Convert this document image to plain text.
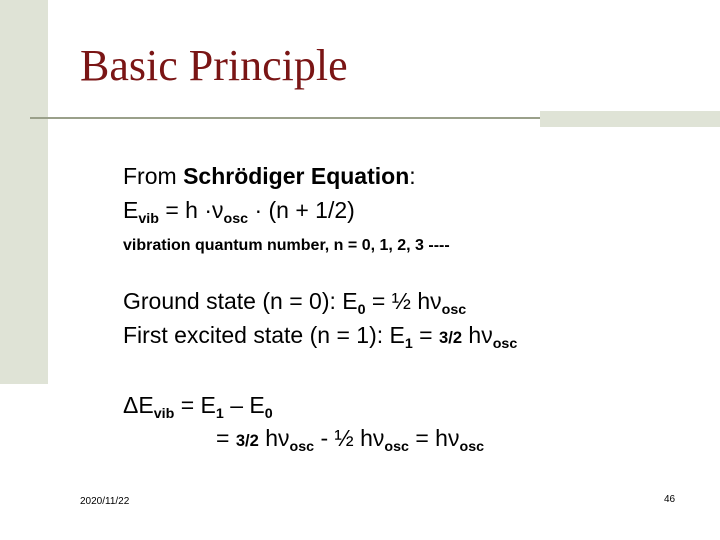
Basic Principle
From Schrödiger Equation:
$E_{vib} = h \cdot\nu_{osc} \cdot (n + 1/2)$
vibration quantum number, n = 0, 1, 2, 3 ----
Ground state (n = 0): $E_0$ = ½ $h\nu_{osc}$
First excited state (n = 1): $E_1 = 3/2$ $h\nu_{osc}$
$\Delta E_{vib} = E_1 - E_0$
= 3/2 $h\nu_{osc}$ - ½ $h\nu_{osc} = h\nu_{osc}$
2020/11/22	46
